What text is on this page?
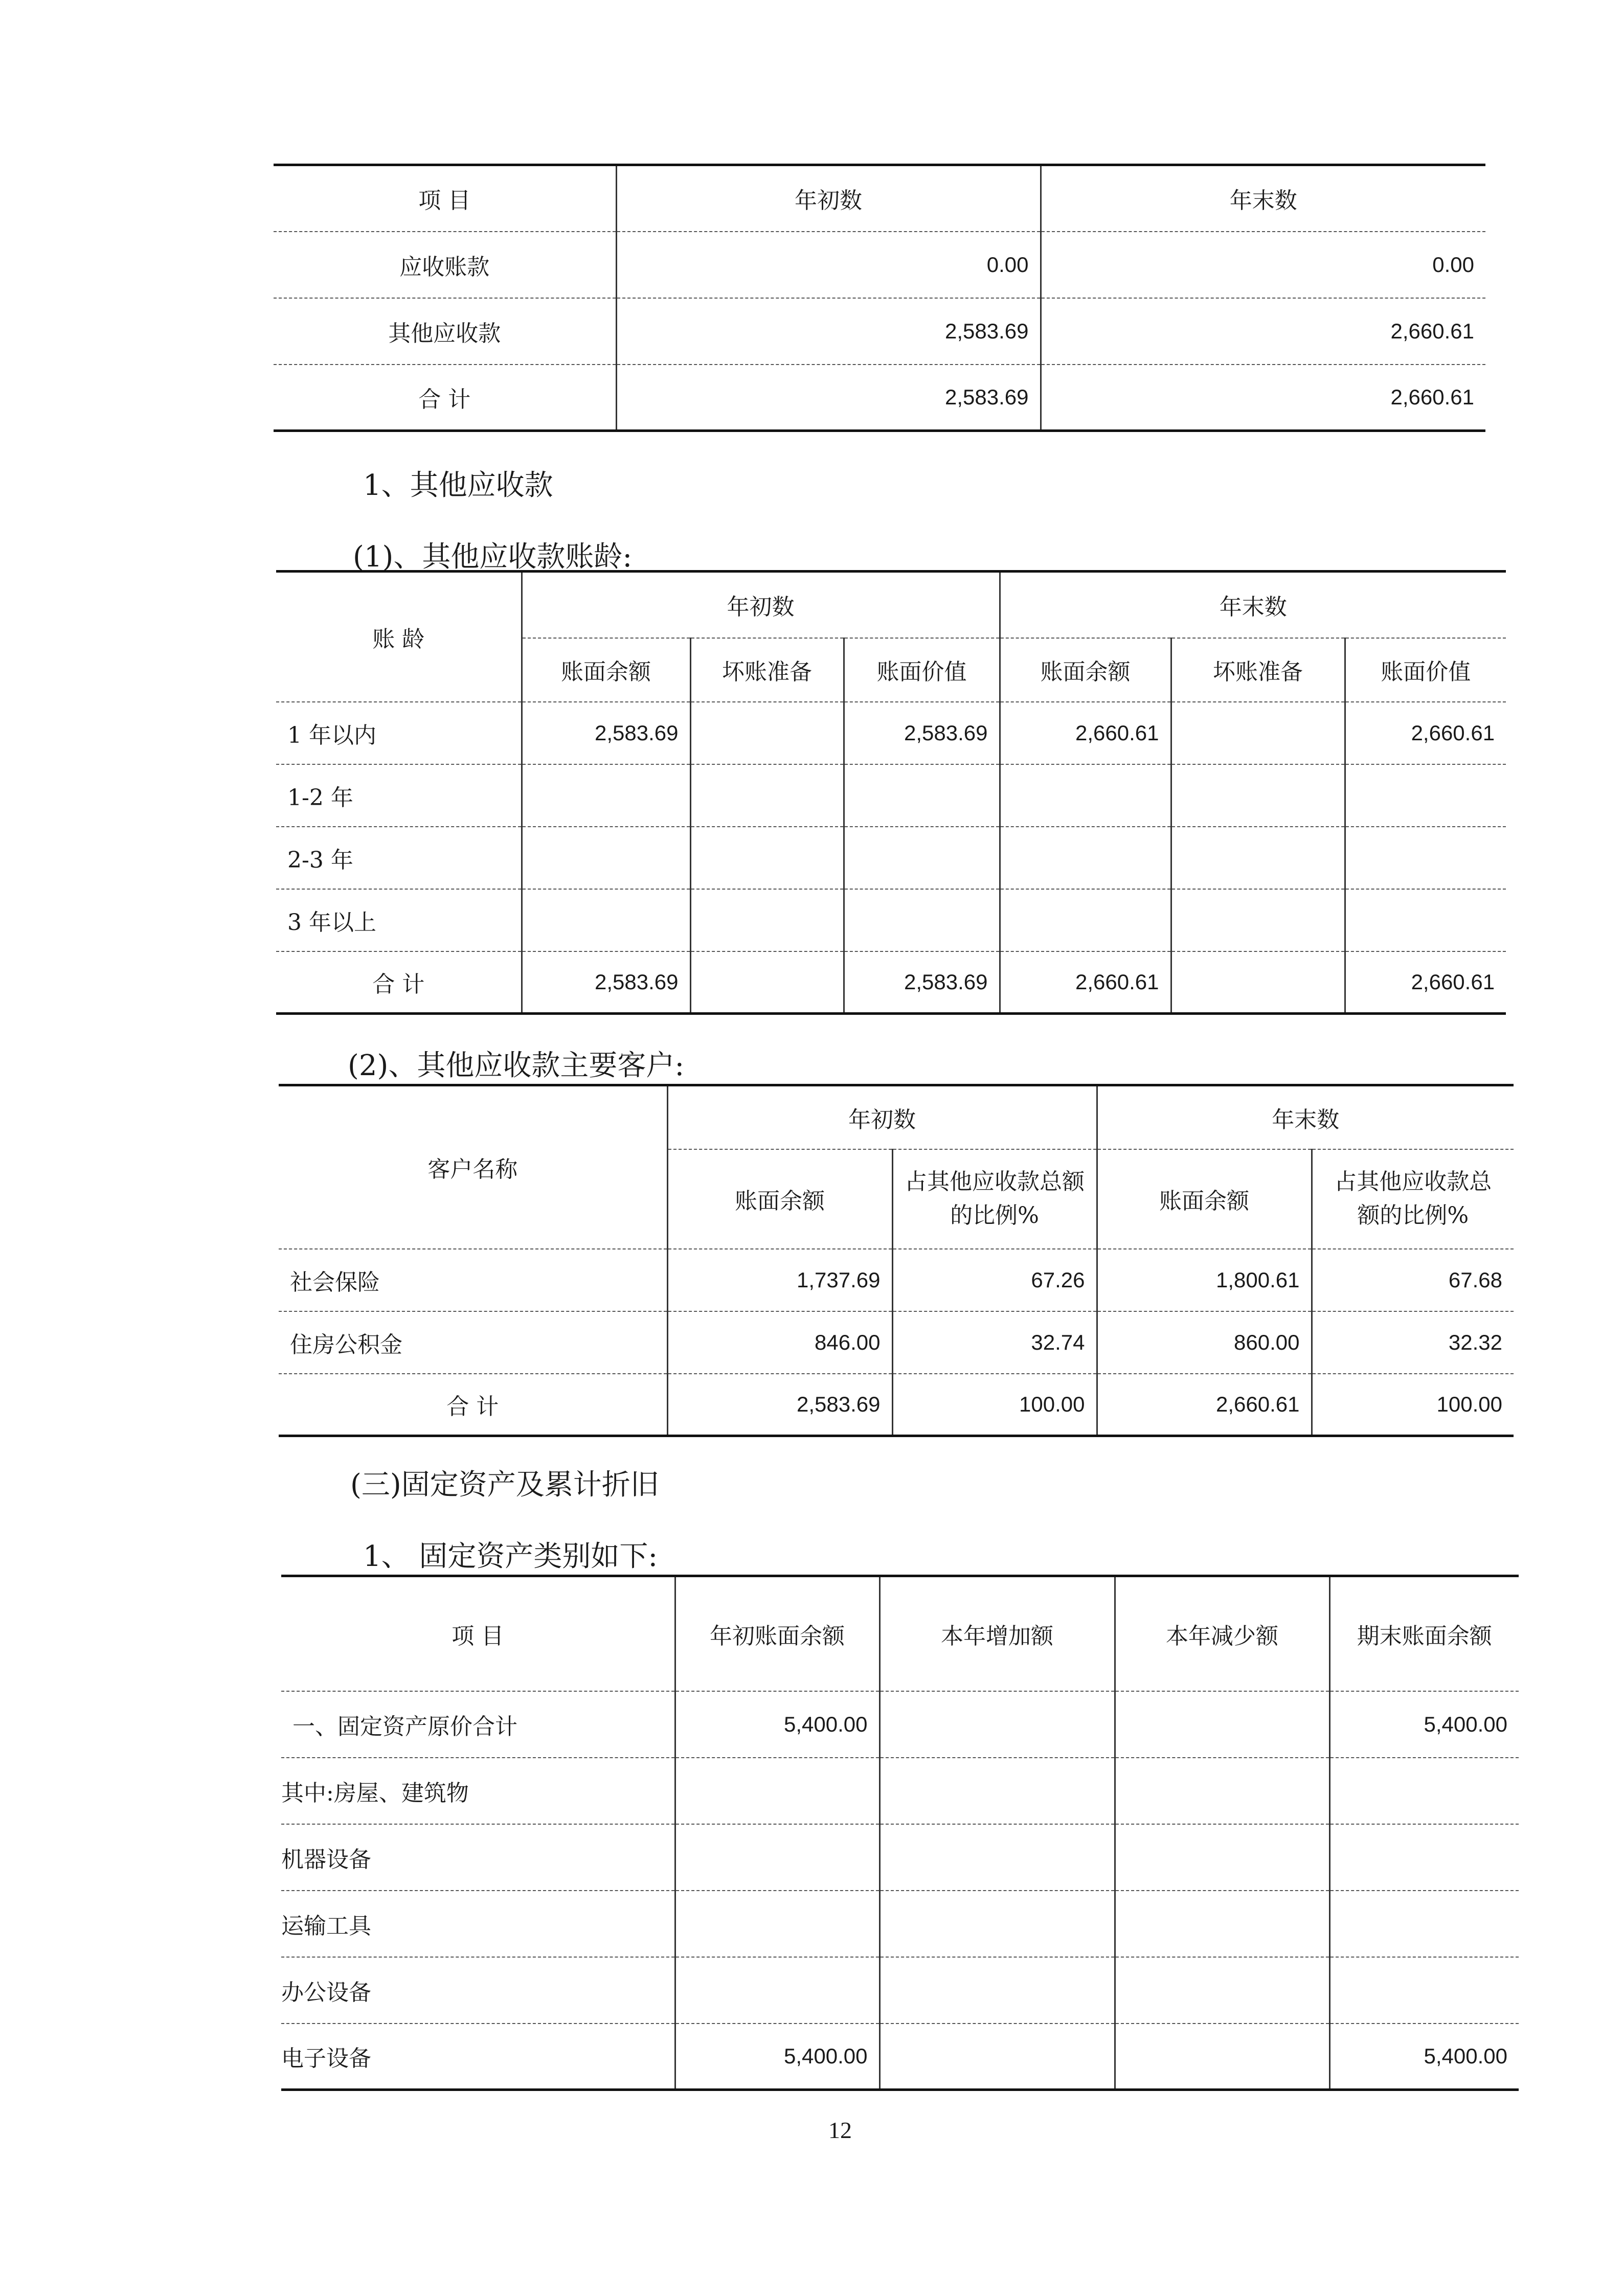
项 目	年初数	年末数
应收账款	0.00	0.00
其他应收款	2,583.69	2,660.61
合 计	2,583.69	2,660.61

1、其他应收款

(1)、其他应收款账龄:

账 龄	年初数			年末数		
	账面余额	坏账准备	账面价值	账面余额	坏账准备	账面价值
1 年以内	2,583.69		2,583.69	2,660.61		2,660.61
1-2 年						
2-3 年						
3 年以上						
合 计	2,583.69		2,583.69	2,660.61		2,660.61

(2)、其他应收款主要客户:

客户名称	年初数		年末数	
	账面余额	占其他应收款总额的比例%	账面余额	占其他应收款总额的比例%
社会保险	1,737.69	67.26	1,800.61	67.68
住房公积金	846.00	32.74	860.00	32.32
合 计	2,583.69	100.00	2,660.61	100.00

(三)固定资产及累计折旧

1、 固定资产类别如下:

项 目	年初账面余额	本年增加额	本年减少额	期末账面余额
一、固定资产原价合计	5,400.00			5,400.00
其中:房屋、建筑物				
机器设备				
运输工具				
办公设备				
电子设备	5,400.00			5,400.00
12
